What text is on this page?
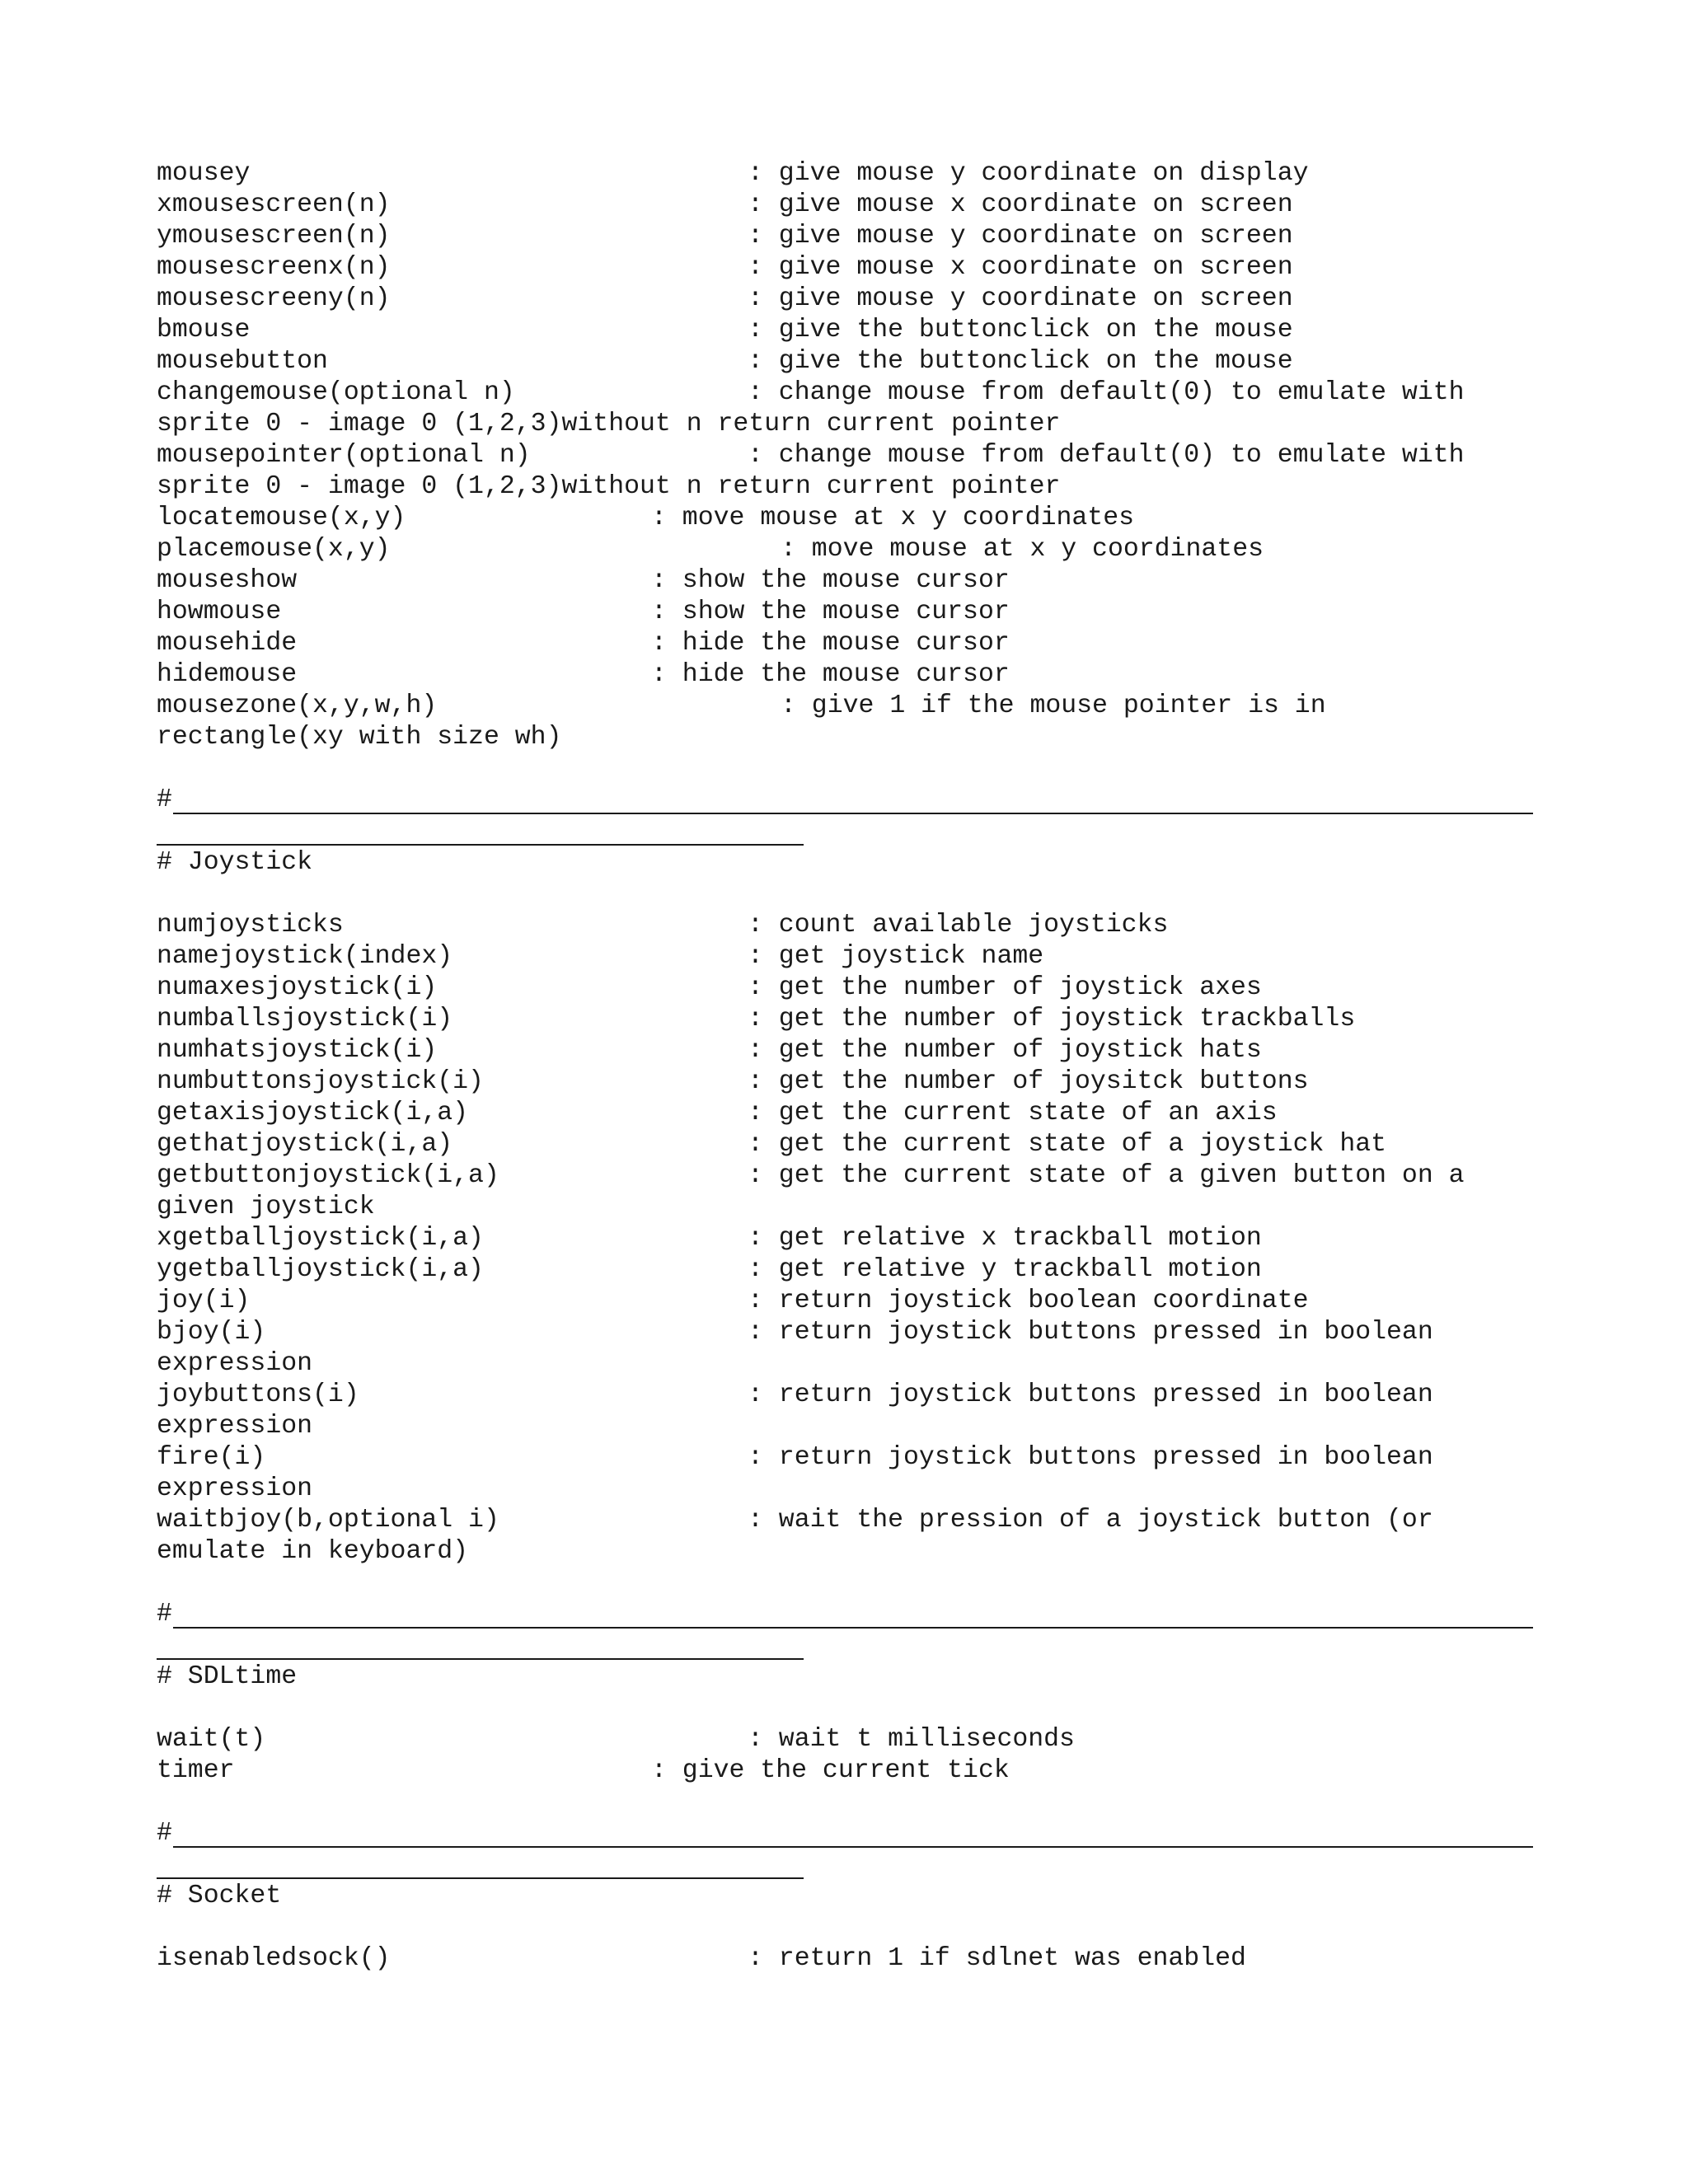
mousey	: give mouse y coordinate on display
xmousescreen(n)	: give mouse x coordinate on screen
ymousescreen(n)	: give mouse y coordinate on screen
mousescreenx(n)	: give mouse x coordinate on screen
mousescreeny(n)	: give mouse y coordinate on screen
bmouse	: give the buttonclick on the mouse
mousebutton	: give the buttonclick on the mouse
changemouse(optional n)	: change mouse from default(0) to emulate with
sprite 0 - image 0 (1,2,3)without n return current pointer
mousepointer(optional n)	: change mouse from default(0) to emulate with
sprite 0 - image 0 (1,2,3)without n return current pointer
locatemouse(x,y)	: move mouse at x y coordinates
placemouse(x,y)	: move mouse at x y coordinates
mouseshow	: show the mouse cursor
howmouse	: show the mouse cursor
mousehide	: hide the mouse cursor
hidemouse	: hide the mouse cursor
mousezone(x,y,w,h)	: give 1 if the mouse pointer is in
rectangle(xy with size wh)
#
# Joystick
numjoysticks	: count available joysticks
namejoystick(index)	: get joystick name
numaxesjoystick(i)	: get the number of joystick axes
numballsjoystick(i)	: get the number of joystick trackballs
numhatsjoystick(i)	: get the number of joystick hats
numbuttonsjoystick(i)	: get the number of joysitck buttons
getaxisjoystick(i,a)	: get the current state of an axis
gethatjoystick(i,a)	: get the current state of a joystick hat
getbuttonjoystick(i,a)	: get the current state of a given button on a
given joystick
xgetballjoystick(i,a)	: get relative x trackball motion
ygetballjoystick(i,a)	: get relative y trackball motion
joy(i)	: return joystick boolean coordinate
bjoy(i)	: return joystick buttons pressed in boolean
expression
joybuttons(i)	: return joystick buttons pressed in boolean
expression
fire(i)	: return joystick buttons pressed in boolean
expression
waitbjoy(b,optional i)	: wait the pression of a joystick button (or
emulate in keyboard)
#
# SDLtime
wait(t)	: wait t milliseconds
timer	: give the current tick
#
# Socket
isenabledsock()	: return 1 if sdlnet was enabled
